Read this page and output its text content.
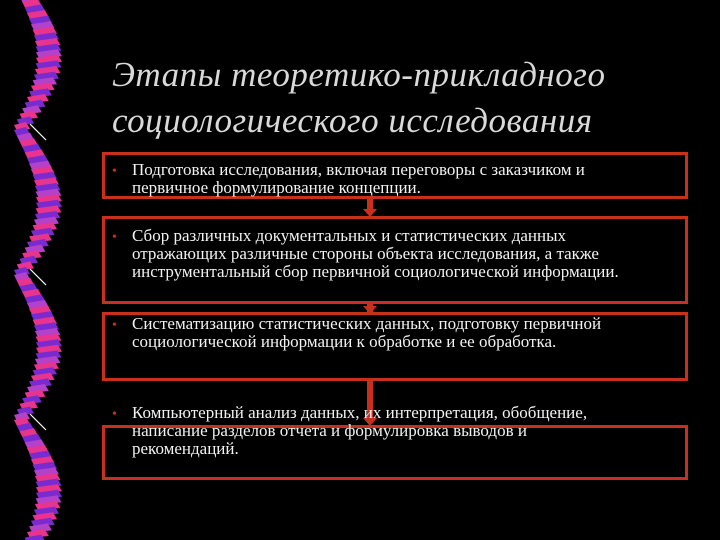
Этапы теоретико-прикладного
социологического исследования
• Подготовка исследования, включая переговоры с заказчиком и
первичное формулирование концепции.
• Сбор различных документальных и статистических данных
отражающих различные стороны объекта исследования, а также
инструментальный сбор первичной социологической информации.
• Систематизацию статистических данных, подготовку первичной
социологической информации к обработке и ее обработка.
• Компьютерный анализ данных, их интерпретация, обобщение,
написание разделов отчета и формулировка выводов и
рекомендаций.
